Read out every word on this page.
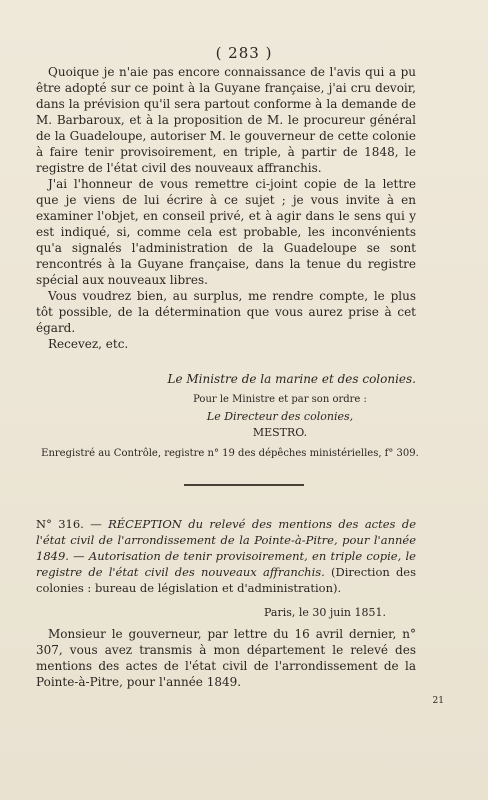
( 283 )

Quoique je n'aie pas encore connaissance de l'avis qui a pu être adopté sur ce point à la Guyane française, j'ai cru devoir, dans la prévision qu'il sera partout conforme à la demande de M. Barbaroux, et à la proposition de M. le procureur général de la Guadeloupe, autoriser M. le gouverneur de cette colonie à faire tenir provisoirement, en triple, à partir de 1848, le registre de l'état civil des nouveaux affranchis.

J'ai l'honneur de vous remettre ci-joint copie de la lettre que je viens de lui écrire à ce sujet ; je vous invite à en examiner l'objet, en conseil privé, et à agir dans le sens qui y est indiqué, si, comme cela est probable, les inconvénients qu'a signalés l'administration de la Guadeloupe se sont rencontrés à la Guyane française, dans la tenue du registre spécial aux nouveaux libres.

Vous voudrez bien, au surplus, me rendre compte, le plus tôt possible, de la détermination que vous aurez prise à cet égard.

Recevez, etc.

Le Ministre de la marine et des colonies.
Pour le Ministre et par son ordre :
Le Directeur des colonies,
MESTRO.
Enregistré au Contrôle, registre n° 19 des dépêches ministérielles, f° 309.

N° 316. — RÉCEPTION du relevé des mentions des actes de l'état civil de l'arrondissement de la Pointe-à-Pitre, pour l'année 1849. — Autorisation de tenir provisoirement, en triple copie, le registre de l'état civil des nouveaux affranchis. (Direction des colonies : bureau de législation et d'administration).

Paris, le 30 juin 1851.

Monsieur le gouverneur, par lettre du 16 avril dernier, n° 307, vous avez transmis à mon département le relevé des mentions des actes de l'état civil de l'arrondissement de la Pointe-à-Pitre, pour l'année 1849.

21
